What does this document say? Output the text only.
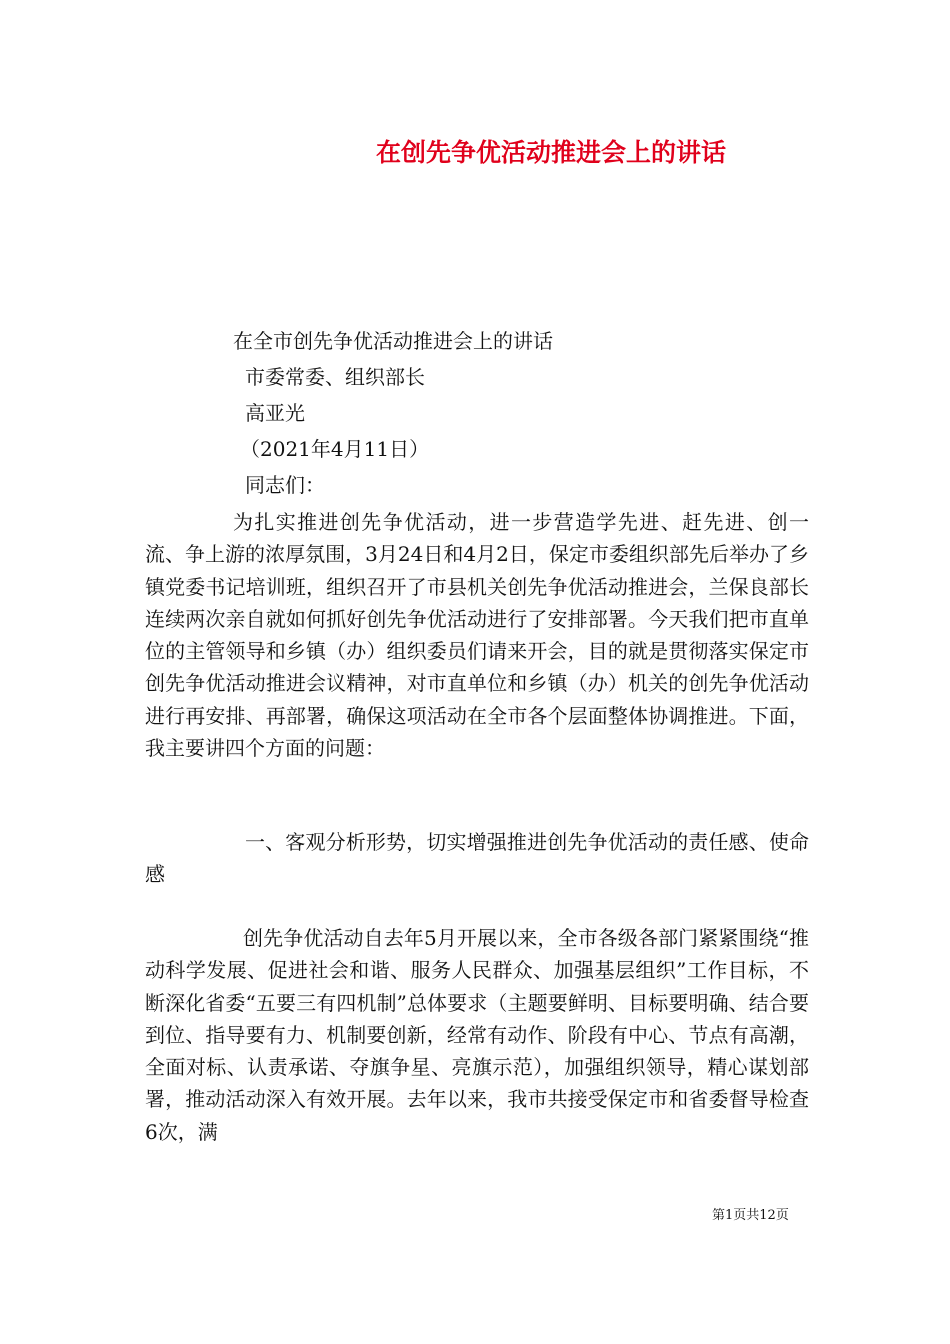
在创先争优活动推进会上的讲话
在全市创先争优活动推进会上的讲话
市委常委、组织部长
高亚光
（2021年4月11日）
同志们：

为扎实推进创先争优活动，进一步营造学先进、赶先进、创一流、争上游的浓厚氛围，3月24日和4月2日，保定市委组织部先后举办了乡镇党委书记培训班，组织召开了市县机关创先争优活动推进会，兰保良部长连续两次亲自就如何抓好创先争优活动进行了安排部署。今天我们把市直单位的主管领导和乡镇（办）组织委员们请来开会，目的就是贯彻落实保定市创先争优活动推进会议精神，对市直单位和乡镇（办）机关的创先争优活动进行再安排、再部署，确保这项活动在全市各个层面整体协调推进。下面，我主要讲四个方面的问题：

一、客观分析形势，切实增强推进创先争优活动的责任感、使命感

创先争优活动自去年5月开展以来，全市各级各部门紧紧围绕“推动科学发展、促进社会和谐、服务人民群众、加强基层组织”工作目标，不断深化省委“五要三有四机制”总体要求（主题要鲜明、目标要明确、结合要到位、指导要有力、机制要创新，经常有动作、阶段有中心、节点有高潮，全面对标、认责承诺、夺旗争星、亮旗示范），加强组织领导，精心谋划部署，推动活动深入有效开展。去年以来，我市共接受保定市和省委督导检查6次，满

第1页共12页
